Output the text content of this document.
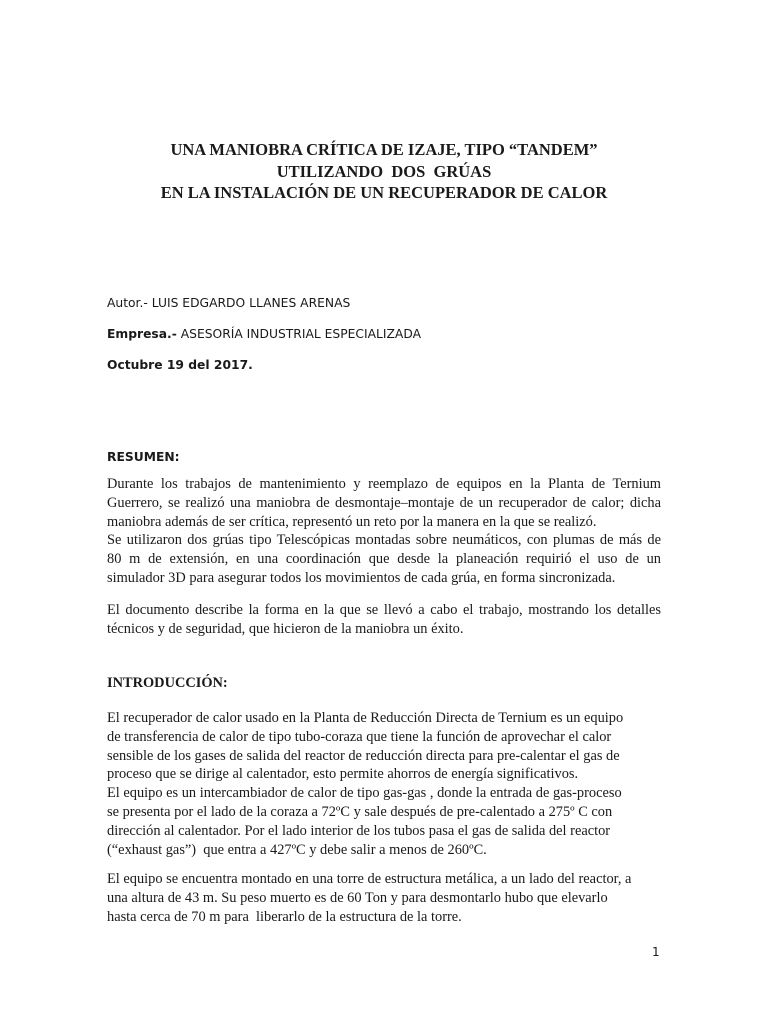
UNA MANIOBRA CRÍTICA DE IZAJE, TIPO “TANDEM”
UTILIZANDO  DOS  GRÚAS
EN LA INSTALACIÓN DE UN RECUPERADOR DE CALOR
Autor.- LUIS EDGARDO LLANES ARENAS
Empresa.- ASESORÍA INDUSTRIAL ESPECIALIZADA
Octubre 19 del 2017.
RESUMEN:
Durante los trabajos de mantenimiento y reemplazo de equipos en la Planta de Ternium
Guerrero, se realizó una maniobra de desmontaje–montaje de un recuperador de calor; dicha
maniobra además de ser crítica, representó un reto por la manera en la que se realizó.
Se utilizaron dos grúas tipo Telescópicas montadas sobre neumáticos, con plumas de más de
80 m de extensión, en una coordinación que desde la planeación requirió el uso de un
simulador 3D para asegurar todos los movimientos de cada grúa, en forma sincronizada.
El documento describe la forma en la que se llevó a cabo el trabajo, mostrando los detalles
técnicos y de seguridad, que hicieron de la maniobra un éxito.
INTRODUCCIÓN:
El recuperador de calor usado en la Planta de Reducción Directa de Ternium es un equipo
de transferencia de calor de tipo tubo-coraza que tiene la función de aprovechar el calor
sensible de los gases de salida del reactor de reducción directa para pre-calentar el gas de
proceso que se dirige al calentador, esto permite ahorros de energía significativos.
El equipo es un intercambiador de calor de tipo gas-gas , donde la entrada de gas-proceso
se presenta por el lado de la coraza a 72ºC y sale después de pre-calentado a 275º C con
dirección al calentador. Por el lado interior de los tubos pasa el gas de salida del reactor
(“exhaust gas”)  que entra a 427ºC y debe salir a menos de 260ºC.
El equipo se encuentra montado en una torre de estructura metálica, a un lado del reactor, a
una altura de 43 m. Su peso muerto es de 60 Ton y para desmontarlo hubo que elevarlo
hasta cerca de 70 m para  liberarlo de la estructura de la torre.
1
